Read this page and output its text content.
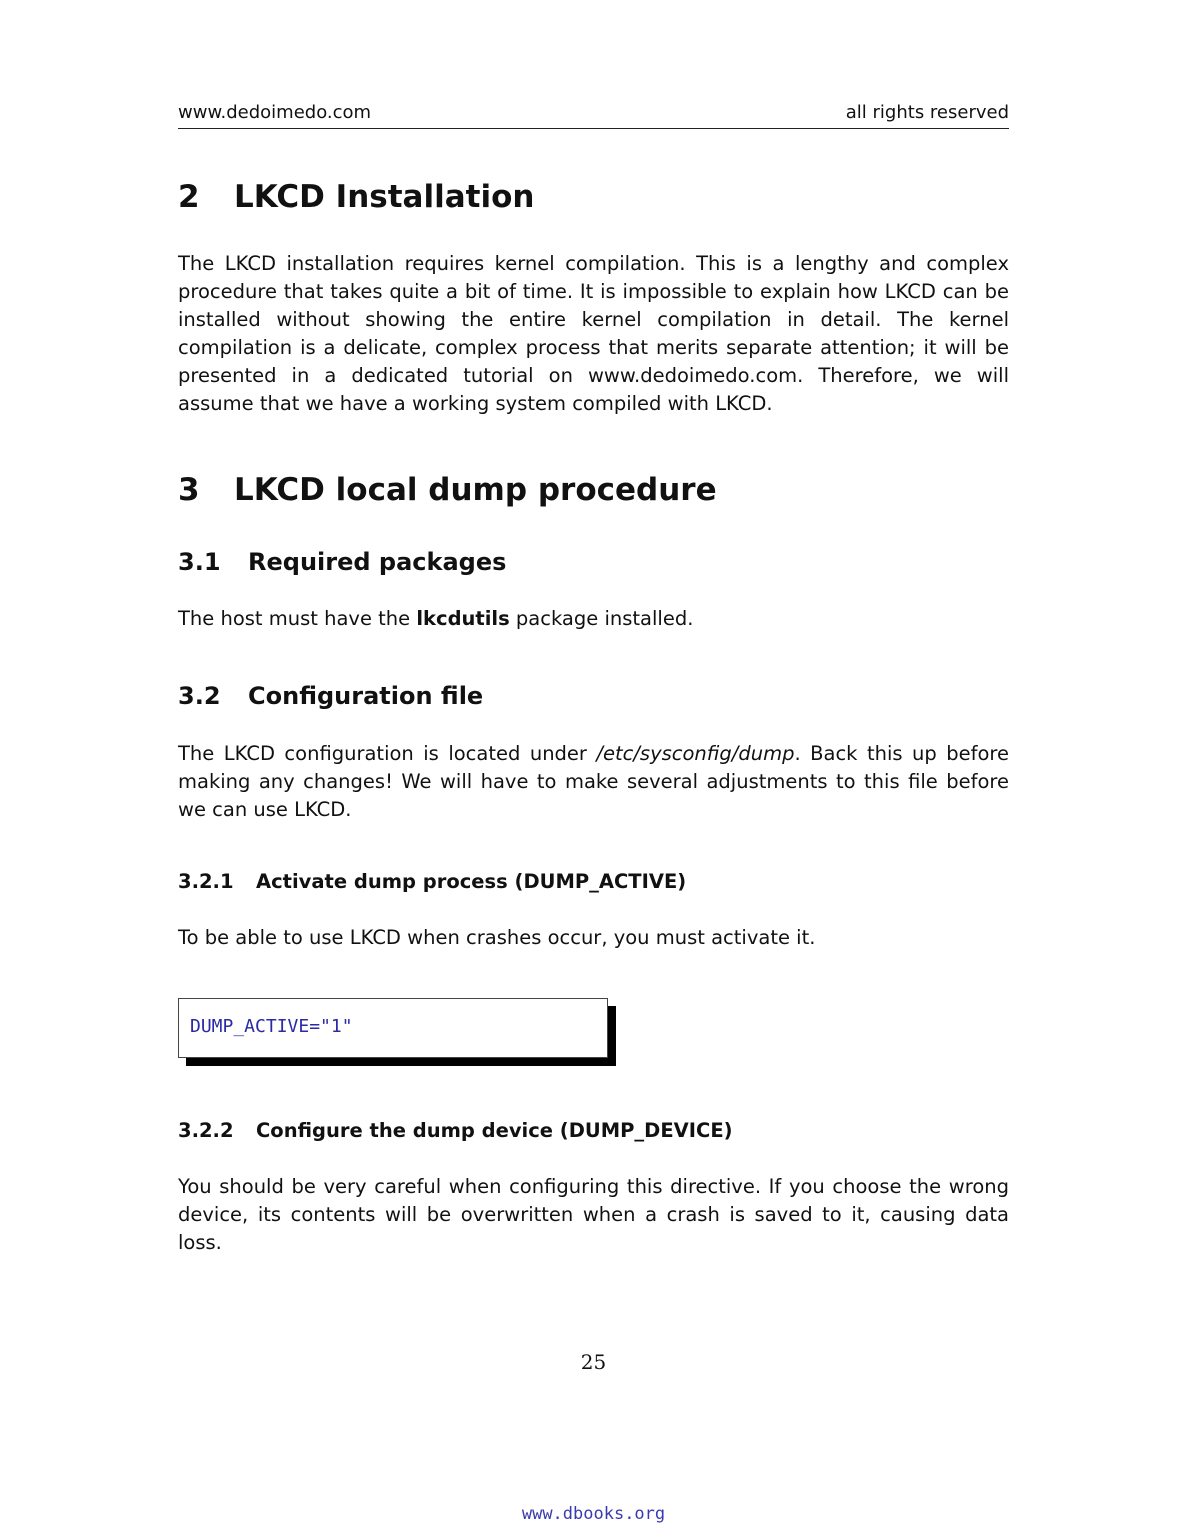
www.dedoimedo.com	all rights reserved
2 LKCD Installation

The LKCD installation requires kernel compilation. This is a lengthy and complex procedure that takes quite a bit of time. It is impossible to explain how LKCD can be installed without showing the entire kernel compilation in detail. The kernel compilation is a delicate, complex process that merits separate attention; it will be presented in a dedicated tutorial on www.dedoimedo.com. Therefore, we will assume that we have a working system compiled with LKCD.

3 LKCD local dump procedure
3.1 Required packages

The host must have the lkcdutils package installed.

3.2 Configuration file

The LKCD configuration is located under /etc/sysconfig/dump. Back this up before making any changes! We will have to make several adjustments to this file before we can use LKCD.

3.2.1 Activate dump process (DUMP_ACTIVE)

To be able to use LKCD when crashes occur, you must activate it.

DUMP_ACTIVE="1"
3.2.2 Configure the dump device (DUMP_DEVICE)

You should be very careful when configuring this directive. If you choose the wrong device, its contents will be overwritten when a crash is saved to it, causing data loss.

25
www.dbooks.org
